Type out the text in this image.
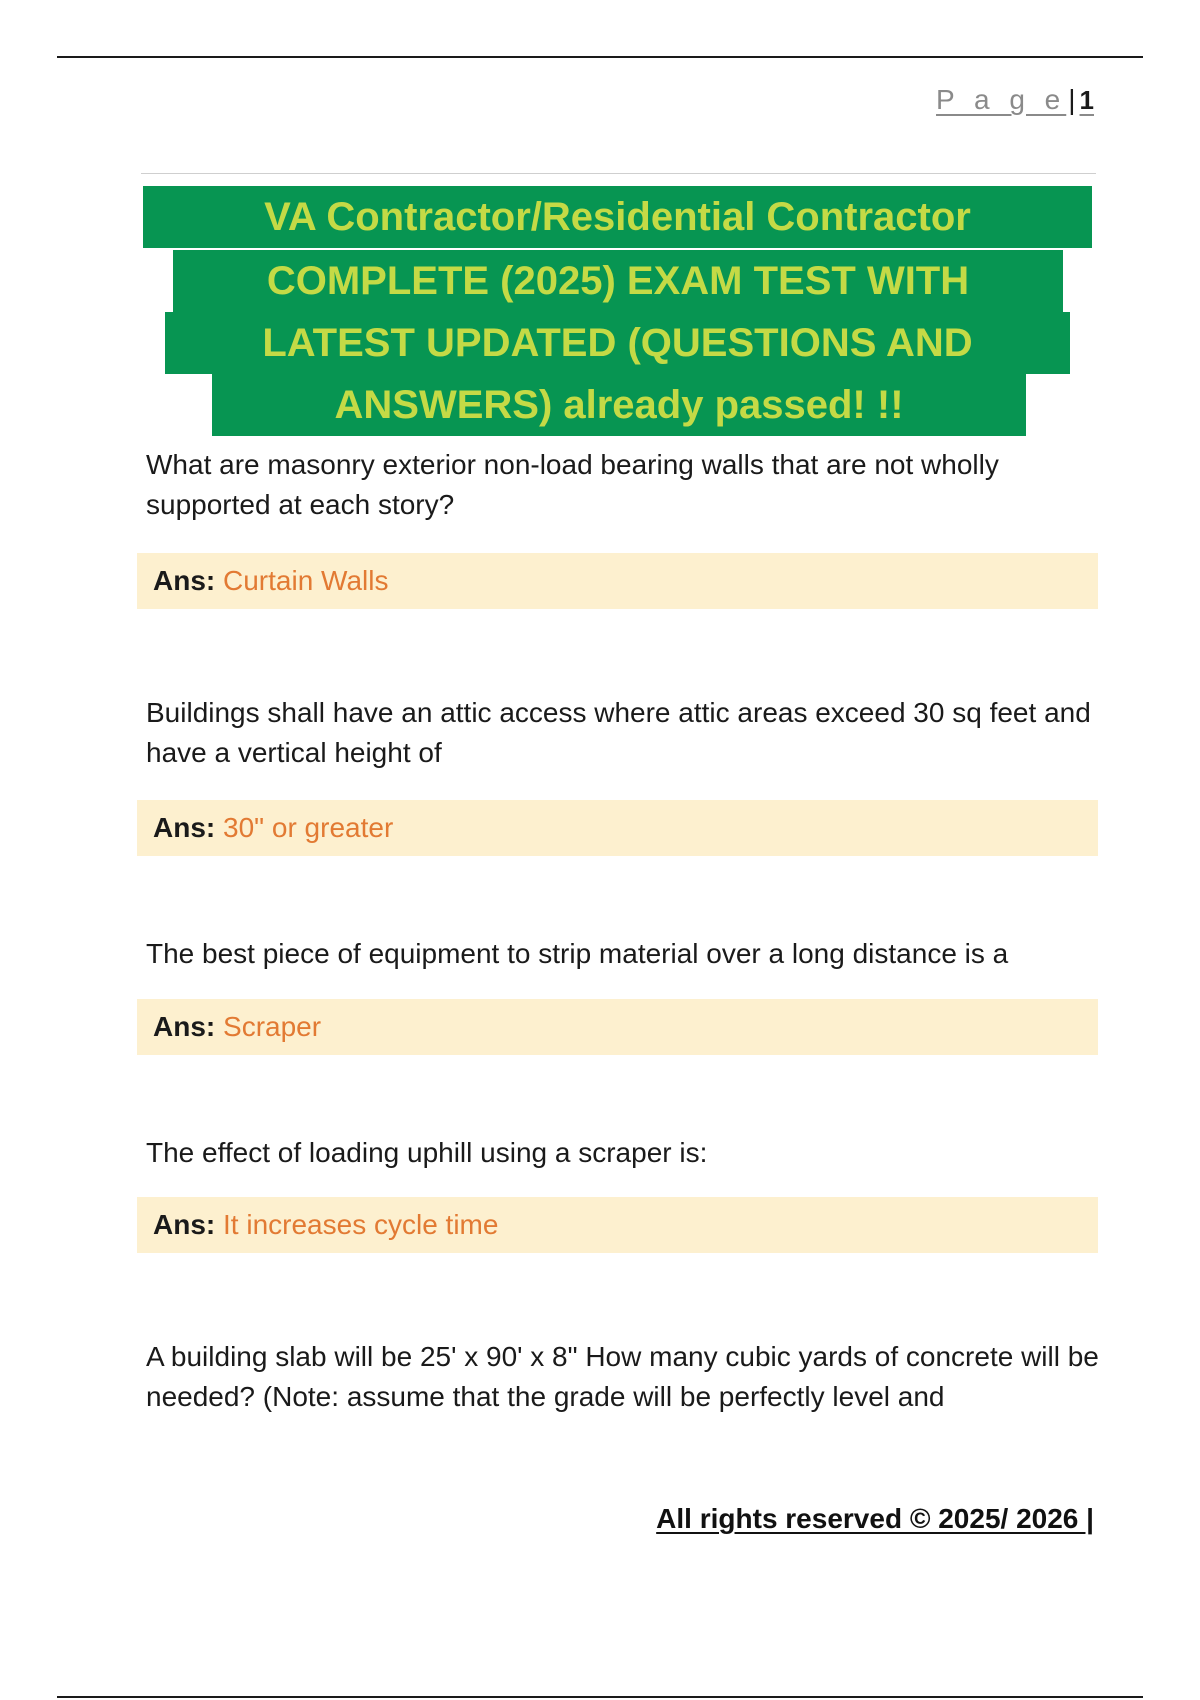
P a g e| 1
VA Contractor/Residential Contractor
COMPLETE (2025) EXAM TEST WITH
LATEST UPDATED (QUESTIONS AND
ANSWERS) already passed! !!
What are masonry exterior non-load bearing walls that are not wholly supported at each story?
Ans: Curtain Walls
Buildings shall have an attic access where attic areas exceed 30 sq feet and have a vertical height of
Ans: 30" or greater
The best piece of equipment to strip material over a long distance is a
Ans: Scraper
The effect of loading uphill using a scraper is:
Ans: It increases cycle time
A building slab will be 25' x 90' x 8" How many cubic yards of concrete will be needed? (Note: assume that the grade will be perfectly level and
All rights reserved © 2025/ 2026 |
